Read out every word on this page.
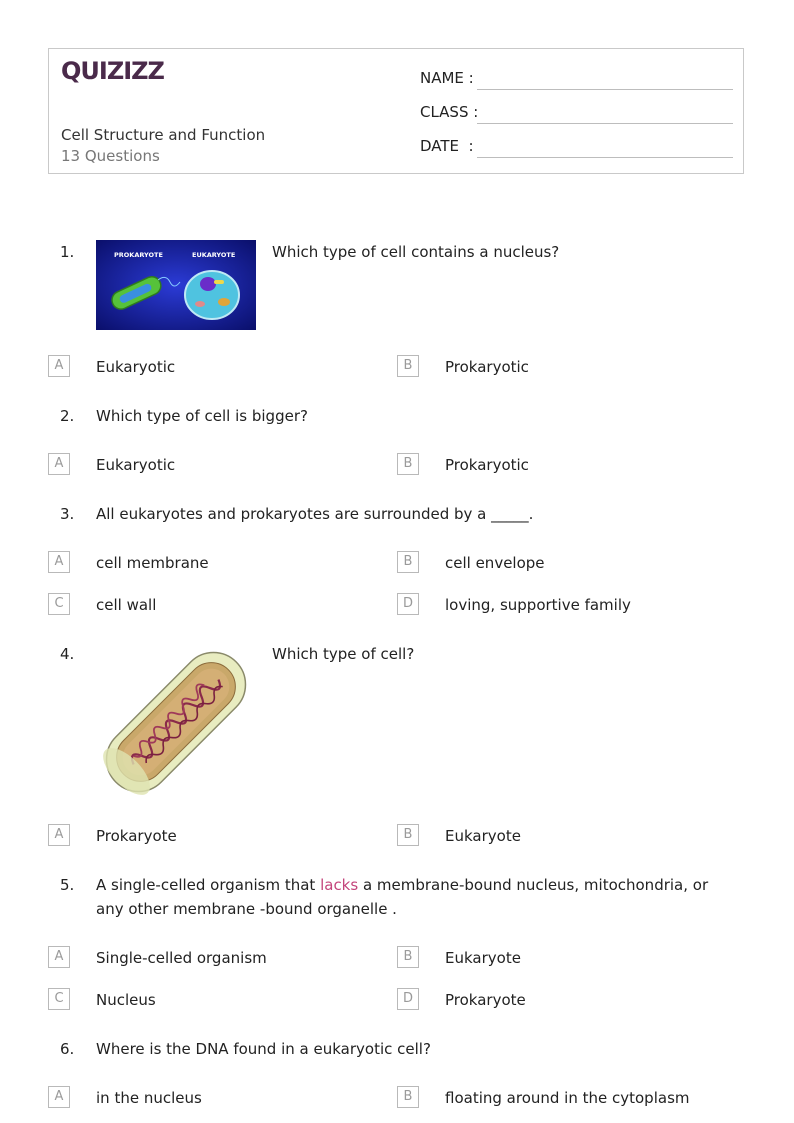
QUIZIZZ
Cell Structure and Function
13 Questions
NAME :
CLASS :
DATE  :
1.	PROKARYOTE	EUKARYOTE Which type of cell contains a nucleus?
A	Eukaryotic	B	Prokaryotic
2. Which type of cell is bigger?
A	Eukaryotic	B	Prokaryotic
3. All eukaryotes and prokaryotes are surrounded by a _____.
A	cell membrane	B	cell envelope
C	cell wall	D	loving, supportive family
4.	Which type of cell?
A	Prokaryote	B	Eukaryote
5. A single-celled organism that lacks a membrane-bound nucleus, mitochondria, or any other membrane -bound organelle .
A	Single-celled organism	B	Eukaryote
C	Nucleus	D	Prokaryote
6. Where is the DNA found in a eukaryotic cell?
A	in the nucleus	B	floating around in the cytoplasm
